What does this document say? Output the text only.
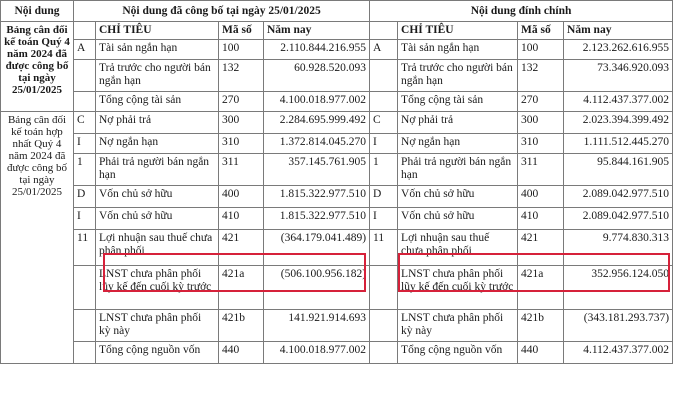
Nội dung	Nội dung đã công bố tại ngày 25/01/2025				Nội dung đính chính			
Bảng cân đối kế toán Quý 4 năm 2024 đã được công bố tại ngày 25/01/2025		CHỈ TIÊU	Mã số	Năm nay		CHỈ TIÊU	Mã số	Năm nay
	A	Tài sản ngắn hạn	100	2.110.844.216.955	A	Tài sản ngắn hạn	100	2.123.262.616.955
		Trả trước cho người bán ngắn hạn	132	60.928.520.093		Trả trước cho người bán ngắn hạn	132	73.346.920.093
		Tổng cộng tài sản	270	4.100.018.977.002		Tổng cộng tài sản	270	4.112.437.377.002
Bảng cân đối kế toán hợp nhất Quý 4 năm 2024 đã được công bố tại ngày 25/01/2025	C	Nợ phải trả	300	2.284.695.999.492	C	Nợ phải trả	300	2.023.394.399.492
	I	Nợ ngắn hạn	310	1.372.814.045.270	I	Nợ ngắn hạn	310	1.111.512.445.270
	1	Phải trả người bán ngắn hạn	311	357.145.761.905	1	Phải trả người bán ngắn hạn	311	95.844.161.905
	D	Vốn chủ sở hữu	400	1.815.322.977.510	D	Vốn chủ sở hữu	400	2.089.042.977.510
	I	Vốn chủ sở hữu	410	1.815.322.977.510	I	Vốn chủ sở hữu	410	2.089.042.977.510
	11	Lợi nhuận sau thuế chưa phân phối	421	(364.179.041.489)	11	Lợi nhuận sau thuế chưa phân phối	421	9.774.830.313
		LNST chưa phân phối lũy kế đến cuối kỳ trước	421a	(506.100.956.182)		LNST chưa phân phối lũy kế đến cuối kỳ trước	421a	352.956.124.050
		LNST chưa phân phối kỳ này	421b	141.921.914.693		LNST chưa phân phối kỳ này	421b	(343.181.293.737)
		Tổng cộng nguồn vốn	440	4.100.018.977.002		Tổng cộng nguồn vốn	440	4.112.437.377.002
